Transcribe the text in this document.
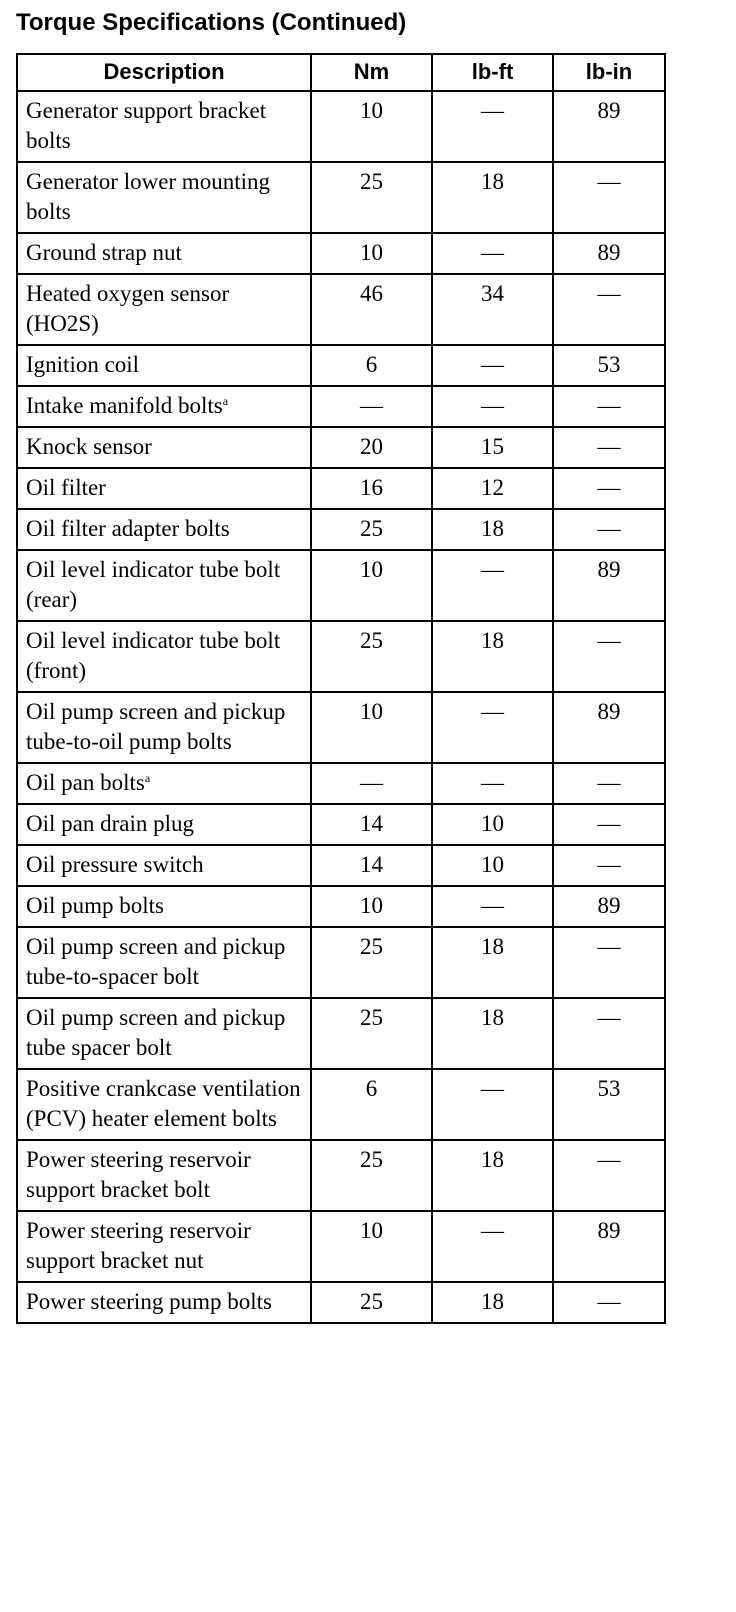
Torque Specifications (Continued)
Description	Nm	lb-ft	lb-in
Generator support bracket bolts	10	—	89
Generator lower mounting bolts	25	18	—
Ground strap nut	10	—	89
Heated oxygen sensor (HO2S)	46	34	—
Ignition coil	6	—	53
Intake manifold bolts$^a$	—	—	—
Knock sensor	20	15	—
Oil filter	16	12	—
Oil filter adapter bolts	25	18	—
Oil level indicator tube bolt (rear)	10	—	89
Oil level indicator tube bolt (front)	25	18	—
Oil pump screen and pickup tube-to-oil pump bolts	10	—	89
Oil pan bolts$^a$	—	—	—
Oil pan drain plug	14	10	—
Oil pressure switch	14	10	—
Oil pump bolts	10	—	89
Oil pump screen and pickup tube-to-spacer bolt	25	18	—
Oil pump screen and pickup tube spacer bolt	25	18	—
Positive crankcase ventilation (PCV) heater element bolts	6	—	53
Power steering reservoir support bracket bolt	25	18	—
Power steering reservoir support bracket nut	10	—	89
Power steering pump bolts	25	18	—
